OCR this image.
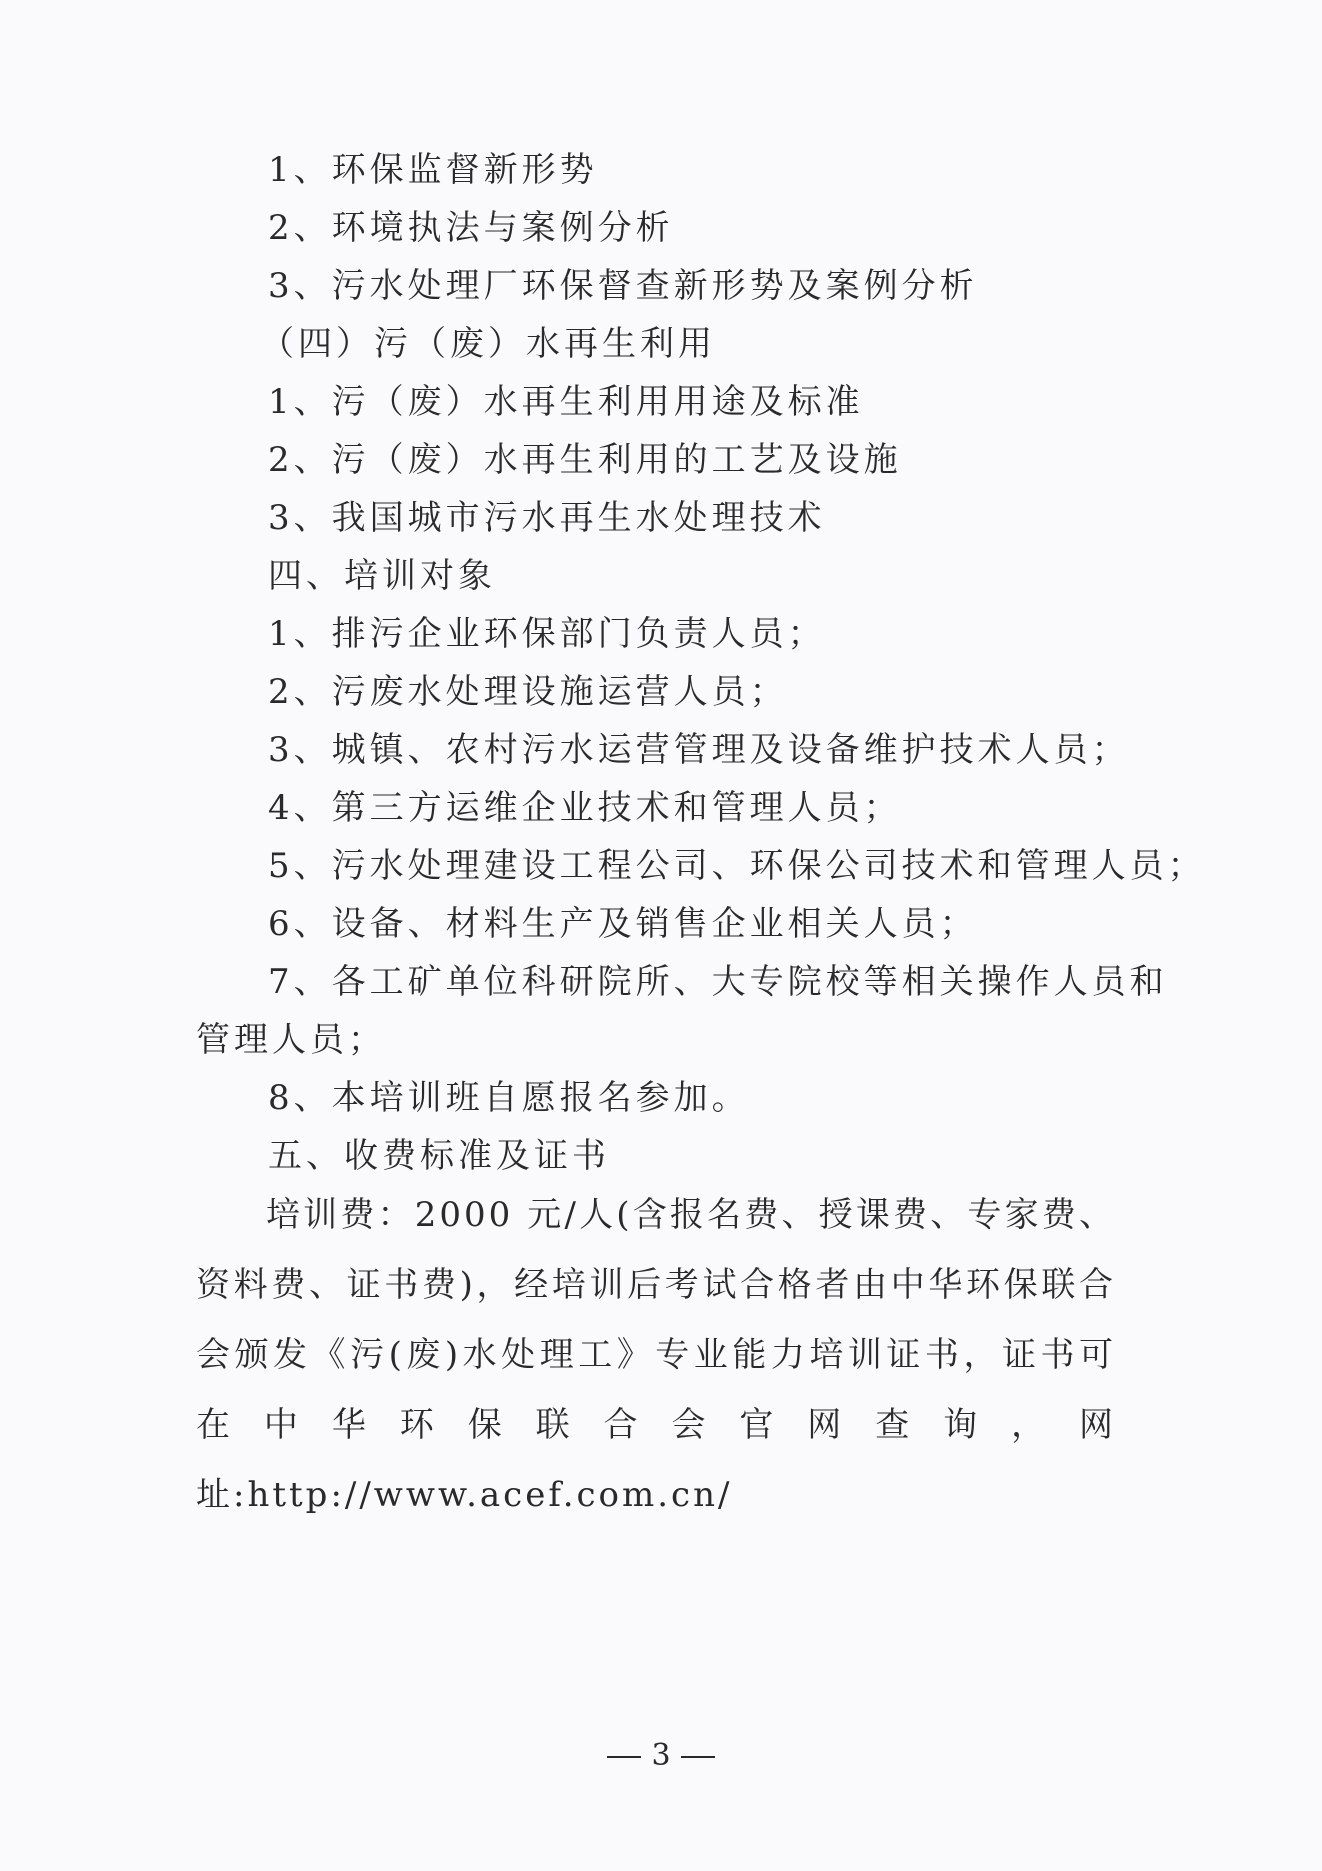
1、环保监督新形势
2、环境执法与案例分析
3、污水处理厂环保督查新形势及案例分析
（四）污（废）水再生利用
1、污（废）水再生利用用途及标准
2、污（废）水再生利用的工艺及设施
3、我国城市污水再生水处理技术
四、培训对象
1、排污企业环保部门负责人员；
2、污废水处理设施运营人员；
3、城镇、农村污水运营管理及设备维护技术人员；
4、第三方运维企业技术和管理人员；
5、污水处理建设工程公司、环保公司技术和管理人员；
6、设备、材料生产及销售企业相关人员；
7、各工矿单位科研院所、大专院校等相关操作人员和
管理人员；
8、本培训班自愿报名参加。
五、收费标准及证书
培训费：2000 元/人(含报名费、授课费、专家费、资料费、证书费)，经培训后考试合格者由中华环保联合会颁发《污(废)水处理工》专业能力培训证书，证书可在中华环保联合会官网查询，网址:http://www.acef.com.cn/
3
